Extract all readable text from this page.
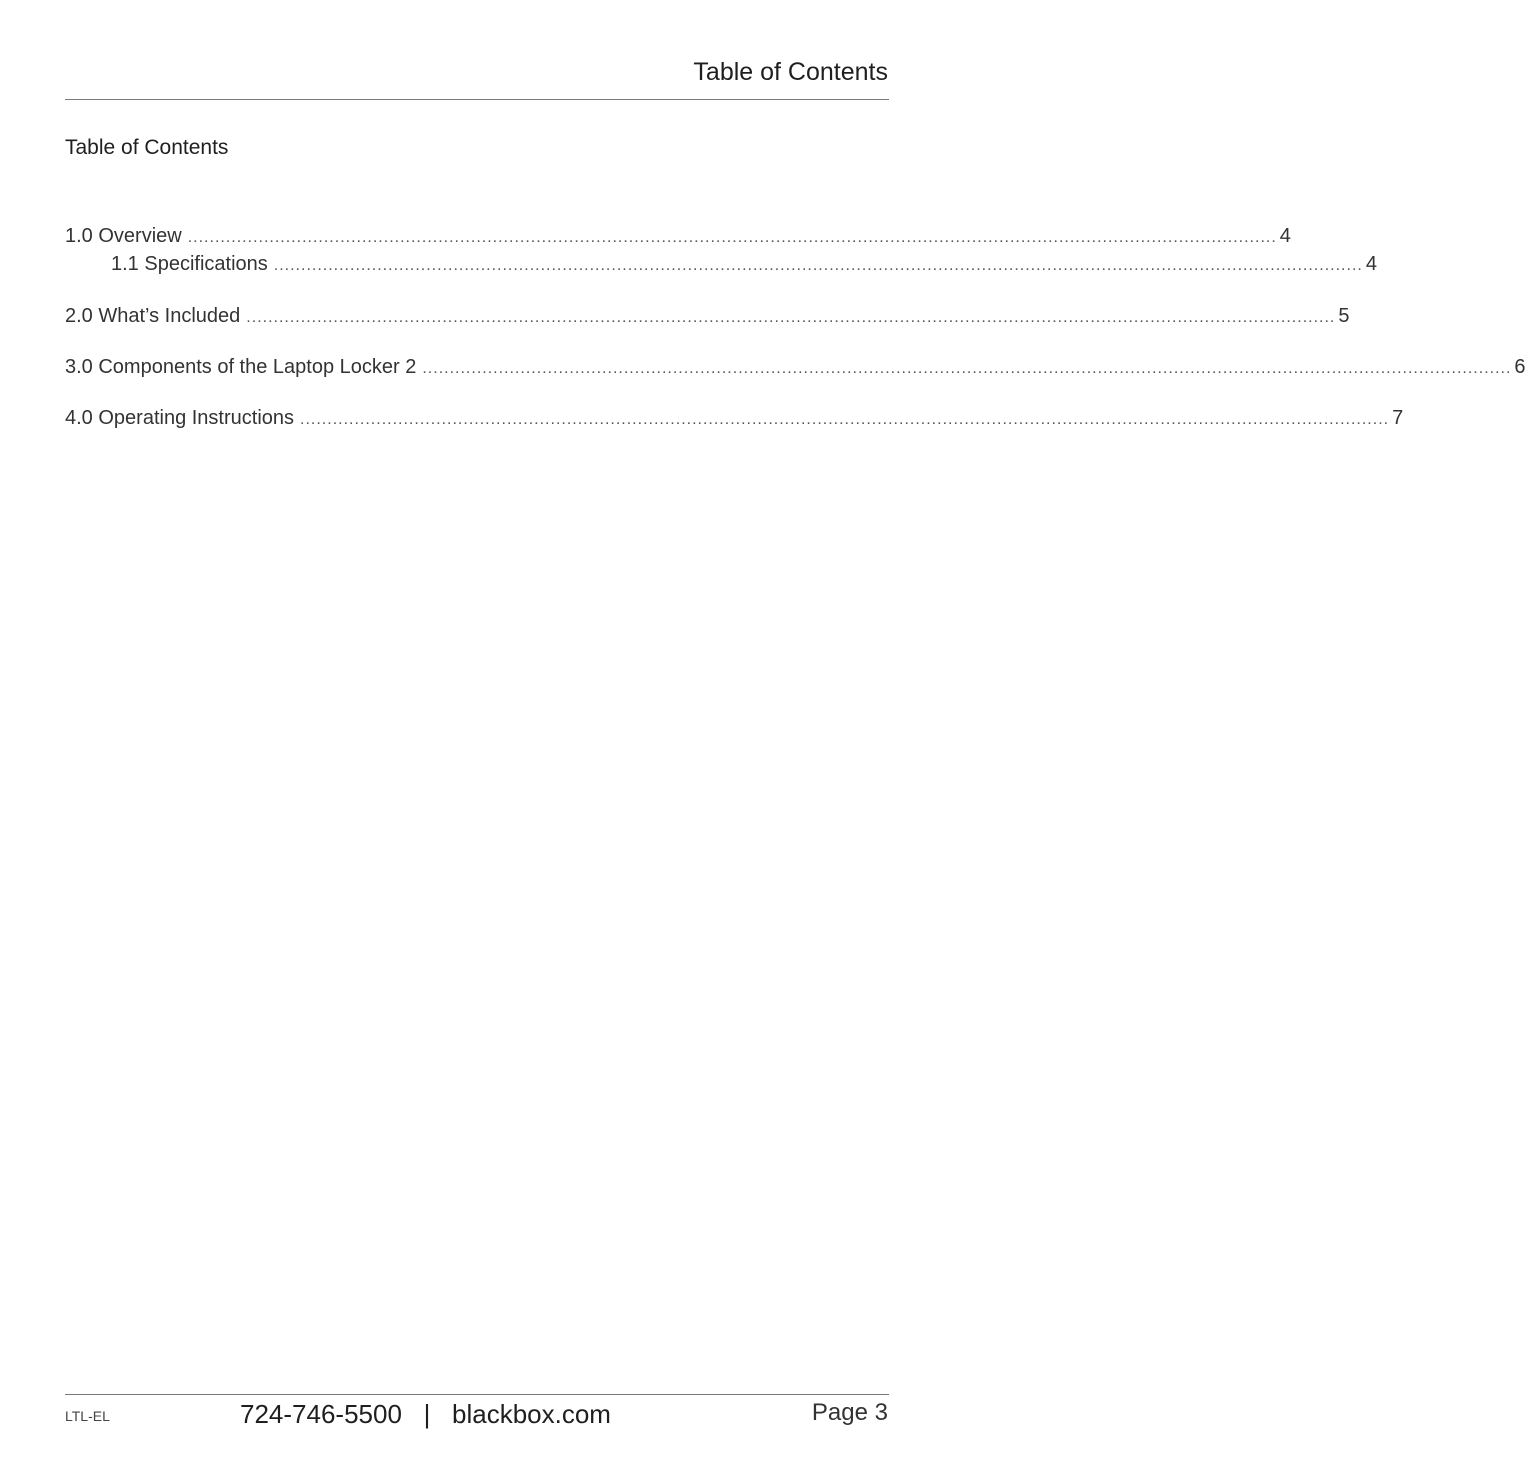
Table of Contents
Table of Contents
1.0 Overview ........................................................................................................................................................................................................ 4
1.1 Specifications ........................................................................................................................................................................................................ 4
2.0 What’s Included ........................................................................................................................................................................................................ 5
3.0 Components of the Laptop Locker 2 ........................................................................................................................................................................................................ 6
4.0 Operating Instructions ........................................................................................................................................................................................................ 7
LTL-EL	724-746-5500   |   blackbox.com	Page 3
